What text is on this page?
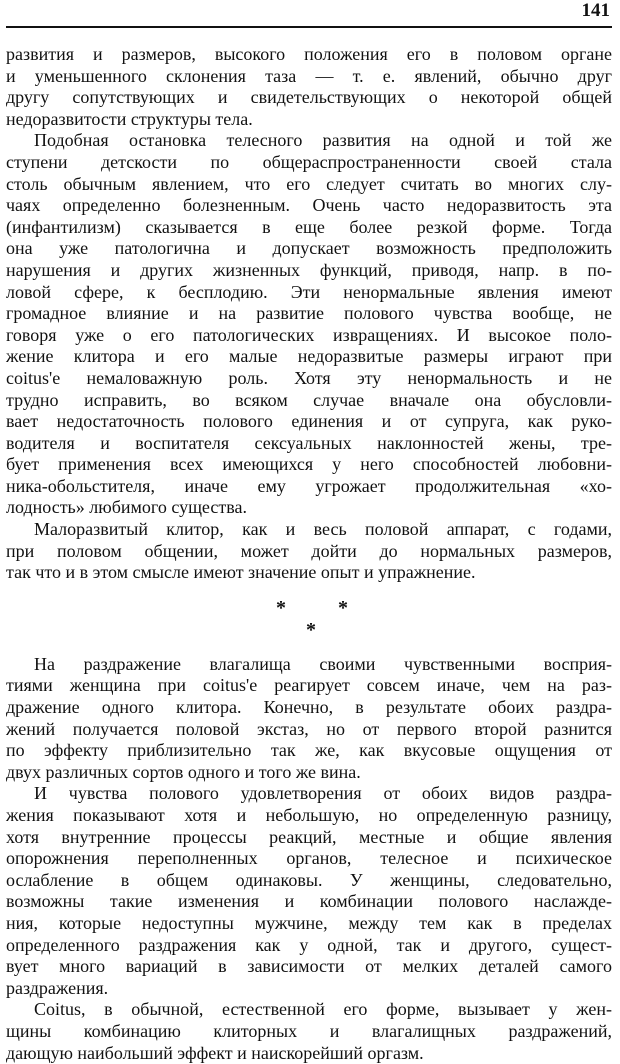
141
развития и размеров, высокого положения его в половом органе
и уменьшенного склонения таза — т. е. явлений, обычно друг
другу сопутствующих и свидетельствующих о некоторой общей
недоразвитости структуры тела.
Подобная остановка телесного развития на одной и той же
ступени детскости по общераспространенности своей стала
столь обычным явлением, что его следует считать во многих слу-
чаях определенно болезненным. Очень часто недоразвитость эта
(инфантилизм) сказывается в еще более резкой форме. Тогда
она уже патологична и допускает возможность предположить
нарушения и других жизненных функций, приводя, напр. в по-
ловой сфере, к бесплодию. Эти ненормальные явления имеют
громадное влияние и на развитие полового чувства вообще, не
говоря уже о его патологических извращениях. И высокое поло-
жение клитора и его малые недоразвитые размеры играют при
coitus'е немаловажную роль. Хотя эту ненормальность и не
трудно исправить, во всяком случае вначале она обусловли-
вает недостаточность полового единения и от супруга, как руко-
водителя и воспитателя сексуальных наклонностей жены, тре-
бует применения всех имеющихся у него способностей любовни-
ника-обольстителя, иначе ему угрожает продолжительная «хо-
лодность» любимого существа.
Малоразвитый клитор, как и весь половой аппарат, с годами,
при половом общении, может дойти до нормальных размеров,
так что и в этом смысле имеют значение опыт и упражнение.
*	*
*
На раздражение влагалища своими чувственными восприя-
тиями женщина при coitus'е реагирует совсем иначе, чем на раз-
дражение одного клитора. Конечно, в результате обоих раздра-
жений получается половой экстаз, но от первого второй разнится
по эффекту приблизительно так же, как вкусовые ощущения от
двух различных сортов одного и того же вина.
И чувства полового удовлетворения от обоих видов раздра-
жения показывают хотя и небольшую, но определенную разницу,
хотя внутренние процессы реакций, местные и общие явления
опорожнения переполненных органов, телесное и психическое
ослабление в общем одинаковы. У женщины, следовательно,
возможны такие изменения и комбинации полового наслажде-
ния, которые недоступны мужчине, между тем как в пределах
определенного раздражения как у одной, так и другого, сущест-
вует много вариаций в зависимости от мелких деталей самого
раздражения.
Coitus, в обычной, естественной его форме, вызывает у жен-
щины комбинацию клиторных и влагалищных раздражений,
дающую наибольший эффект и наискорейший оргазм.
